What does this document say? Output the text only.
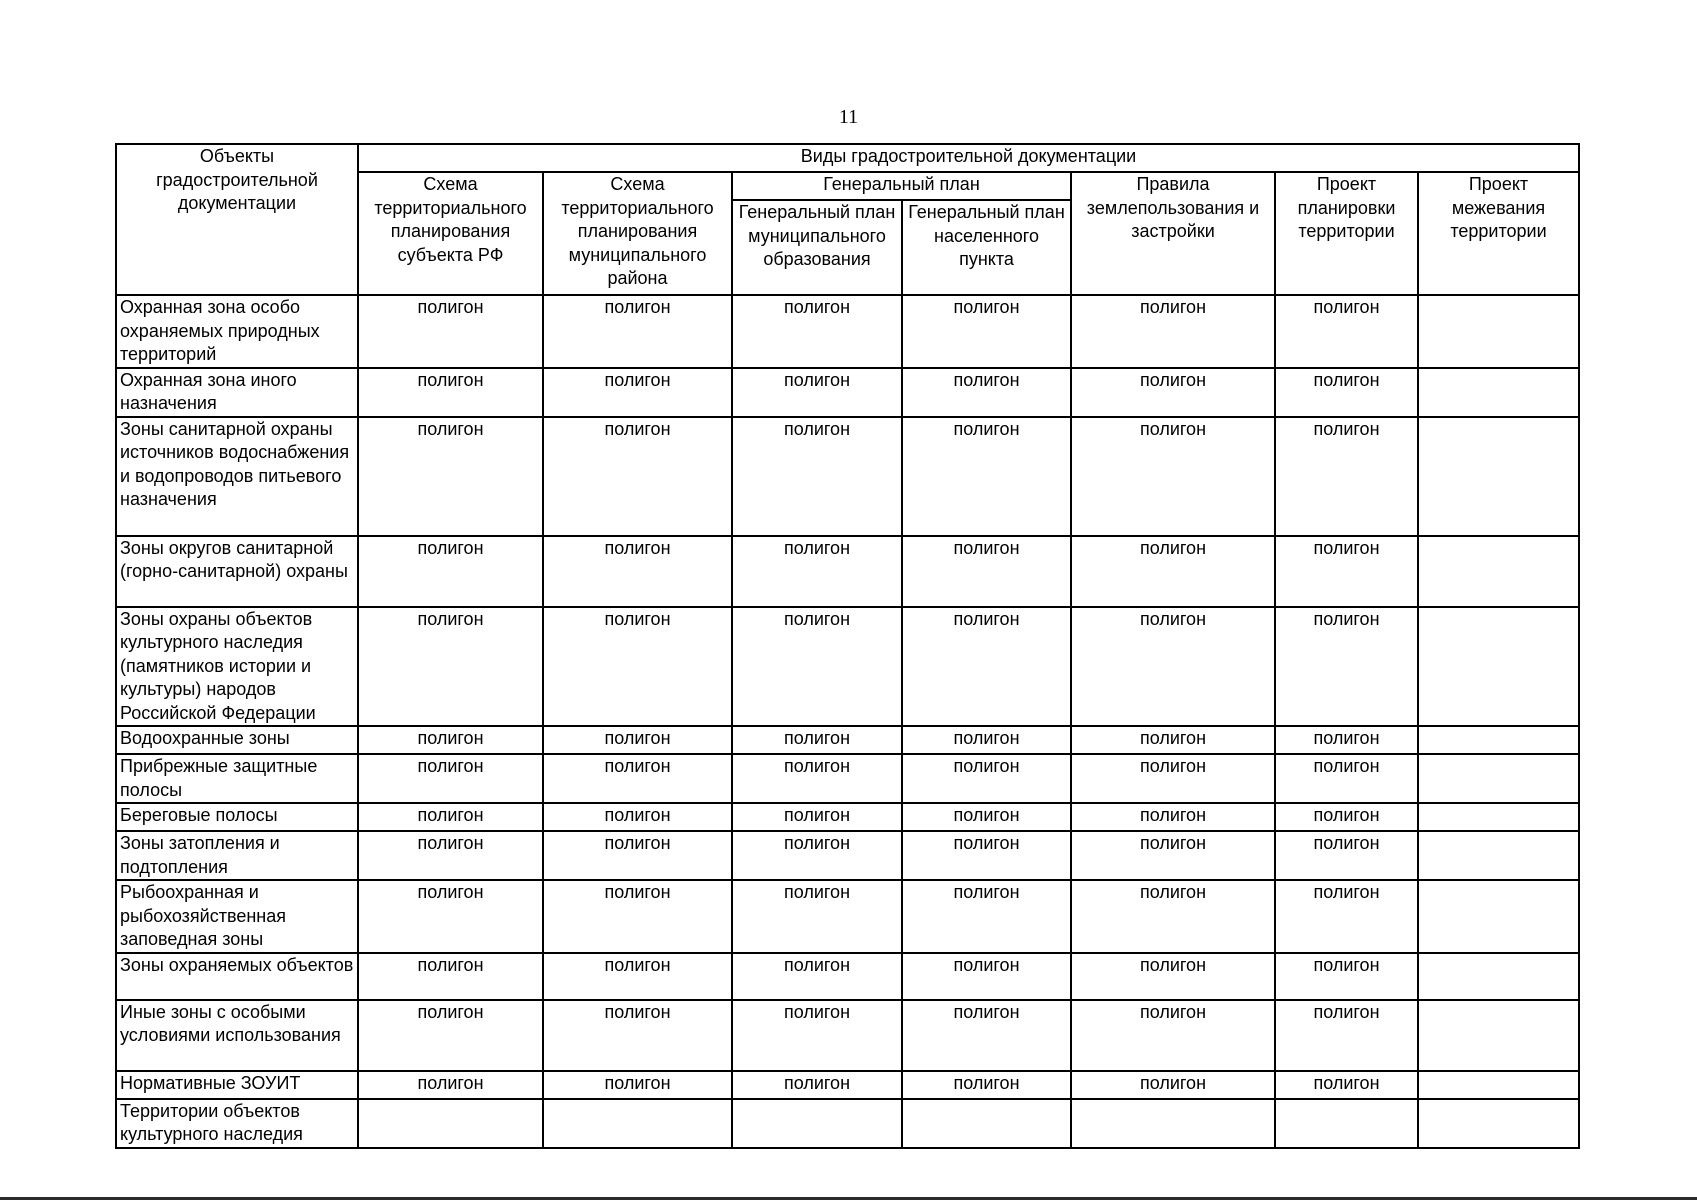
11
Объекты градостроительной документации	Виды градостроительной документации						
	Схема территориального планирования субъекта РФ	Схема территориального планирования муниципального района	Генеральный план		Правила землепользования и застройки	Проект планировки территории	Проект межевания территории
			Генеральный план муниципального образования	Генеральный план населенного пункта			
Охранная зона особо охраняемых природных территорий	полигон	полигон	полигон	полигон	полигон	полигон	
Охранная зона иного назначения	полигон	полигон	полигон	полигон	полигон	полигон	
Зоны санитарной охраны источников водоснабжения и водопроводов питьевого назначения	полигон	полигон	полигон	полигон	полигон	полигон	
Зоны округов санитарной (горно-санитарной) охраны	полигон	полигон	полигон	полигон	полигон	полигон	
Зоны охраны объектов культурного наследия (памятников истории и культуры) народов Российской Федерации	полигон	полигон	полигон	полигон	полигон	полигон	
Водоохранные зоны	полигон	полигон	полигон	полигон	полигон	полигон	
Прибрежные защитные полосы	полигон	полигон	полигон	полигон	полигон	полигон	
Береговые полосы	полигон	полигон	полигон	полигон	полигон	полигон	
Зоны затопления и подтопления	полигон	полигон	полигон	полигон	полигон	полигон	
Рыбоохранная и рыбохозяйственная заповедная зоны	полигон	полигон	полигон	полигон	полигон	полигон	
Зоны охраняемых объектов	полигон	полигон	полигон	полигон	полигон	полигон	
Иные зоны с особыми условиями использования	полигон	полигон	полигон	полигон	полигон	полигон	
Нормативные ЗОУИТ	полигон	полигон	полигон	полигон	полигон	полигон	
Территории объектов культурного наследия							
